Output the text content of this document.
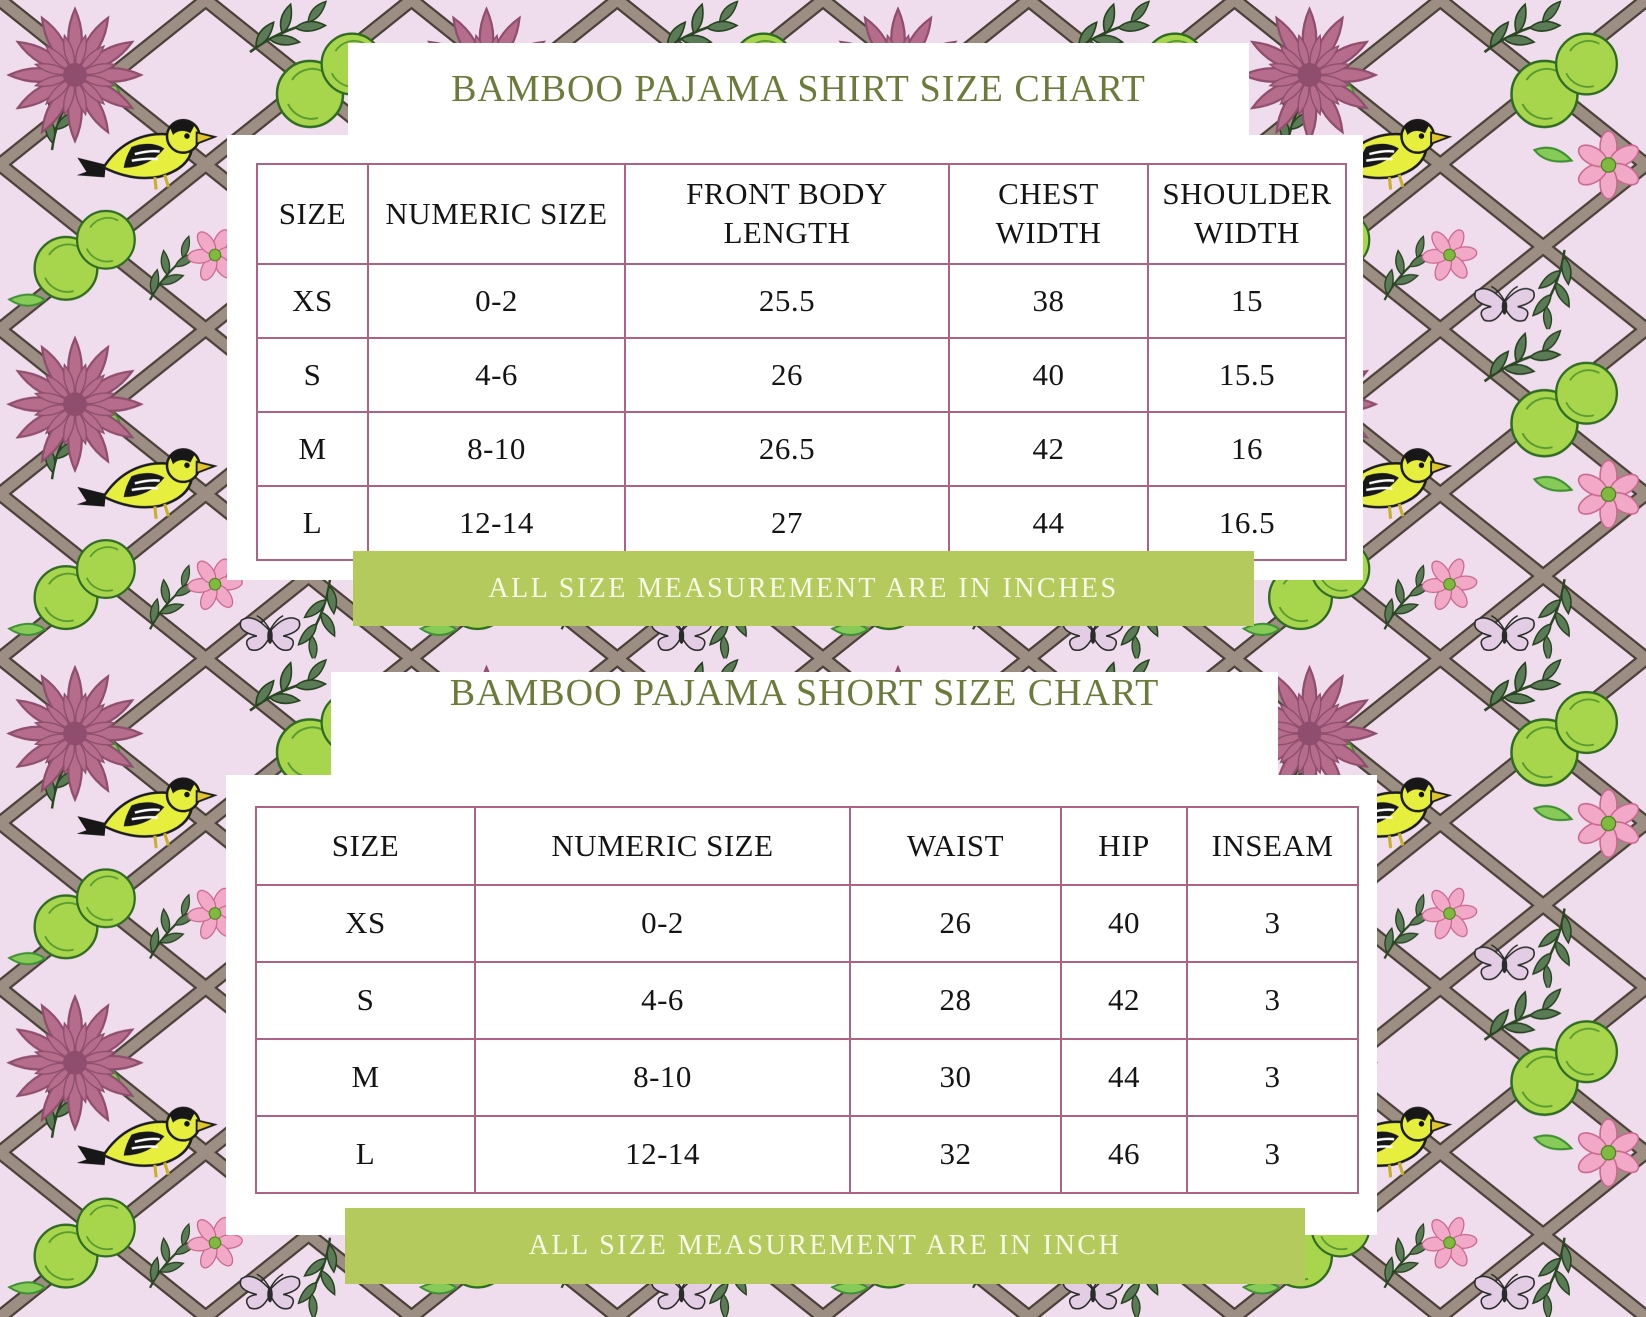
BAMBOO PAJAMA SHIRT SIZE CHART
SIZE	NUMERIC SIZE	FRONT BODY LENGTH	CHEST WIDTH	SHOULDER WIDTH
XS	0-2	25.5	38	15
S	4-6	26	40	15.5
M	8-10	26.5	42	16
L	12-14	27	44	16.5
ALL SIZE MEASUREMENT ARE IN INCHES
BAMBOO PAJAMA SHORT SIZE CHART
SIZE	NUMERIC SIZE	WAIST	HIP	INSEAM
XS	0-2	26	40	3
S	4-6	28	42	3
M	8-10	30	44	3
L	12-14	32	46	3
ALL SIZE MEASUREMENT ARE IN INCH
